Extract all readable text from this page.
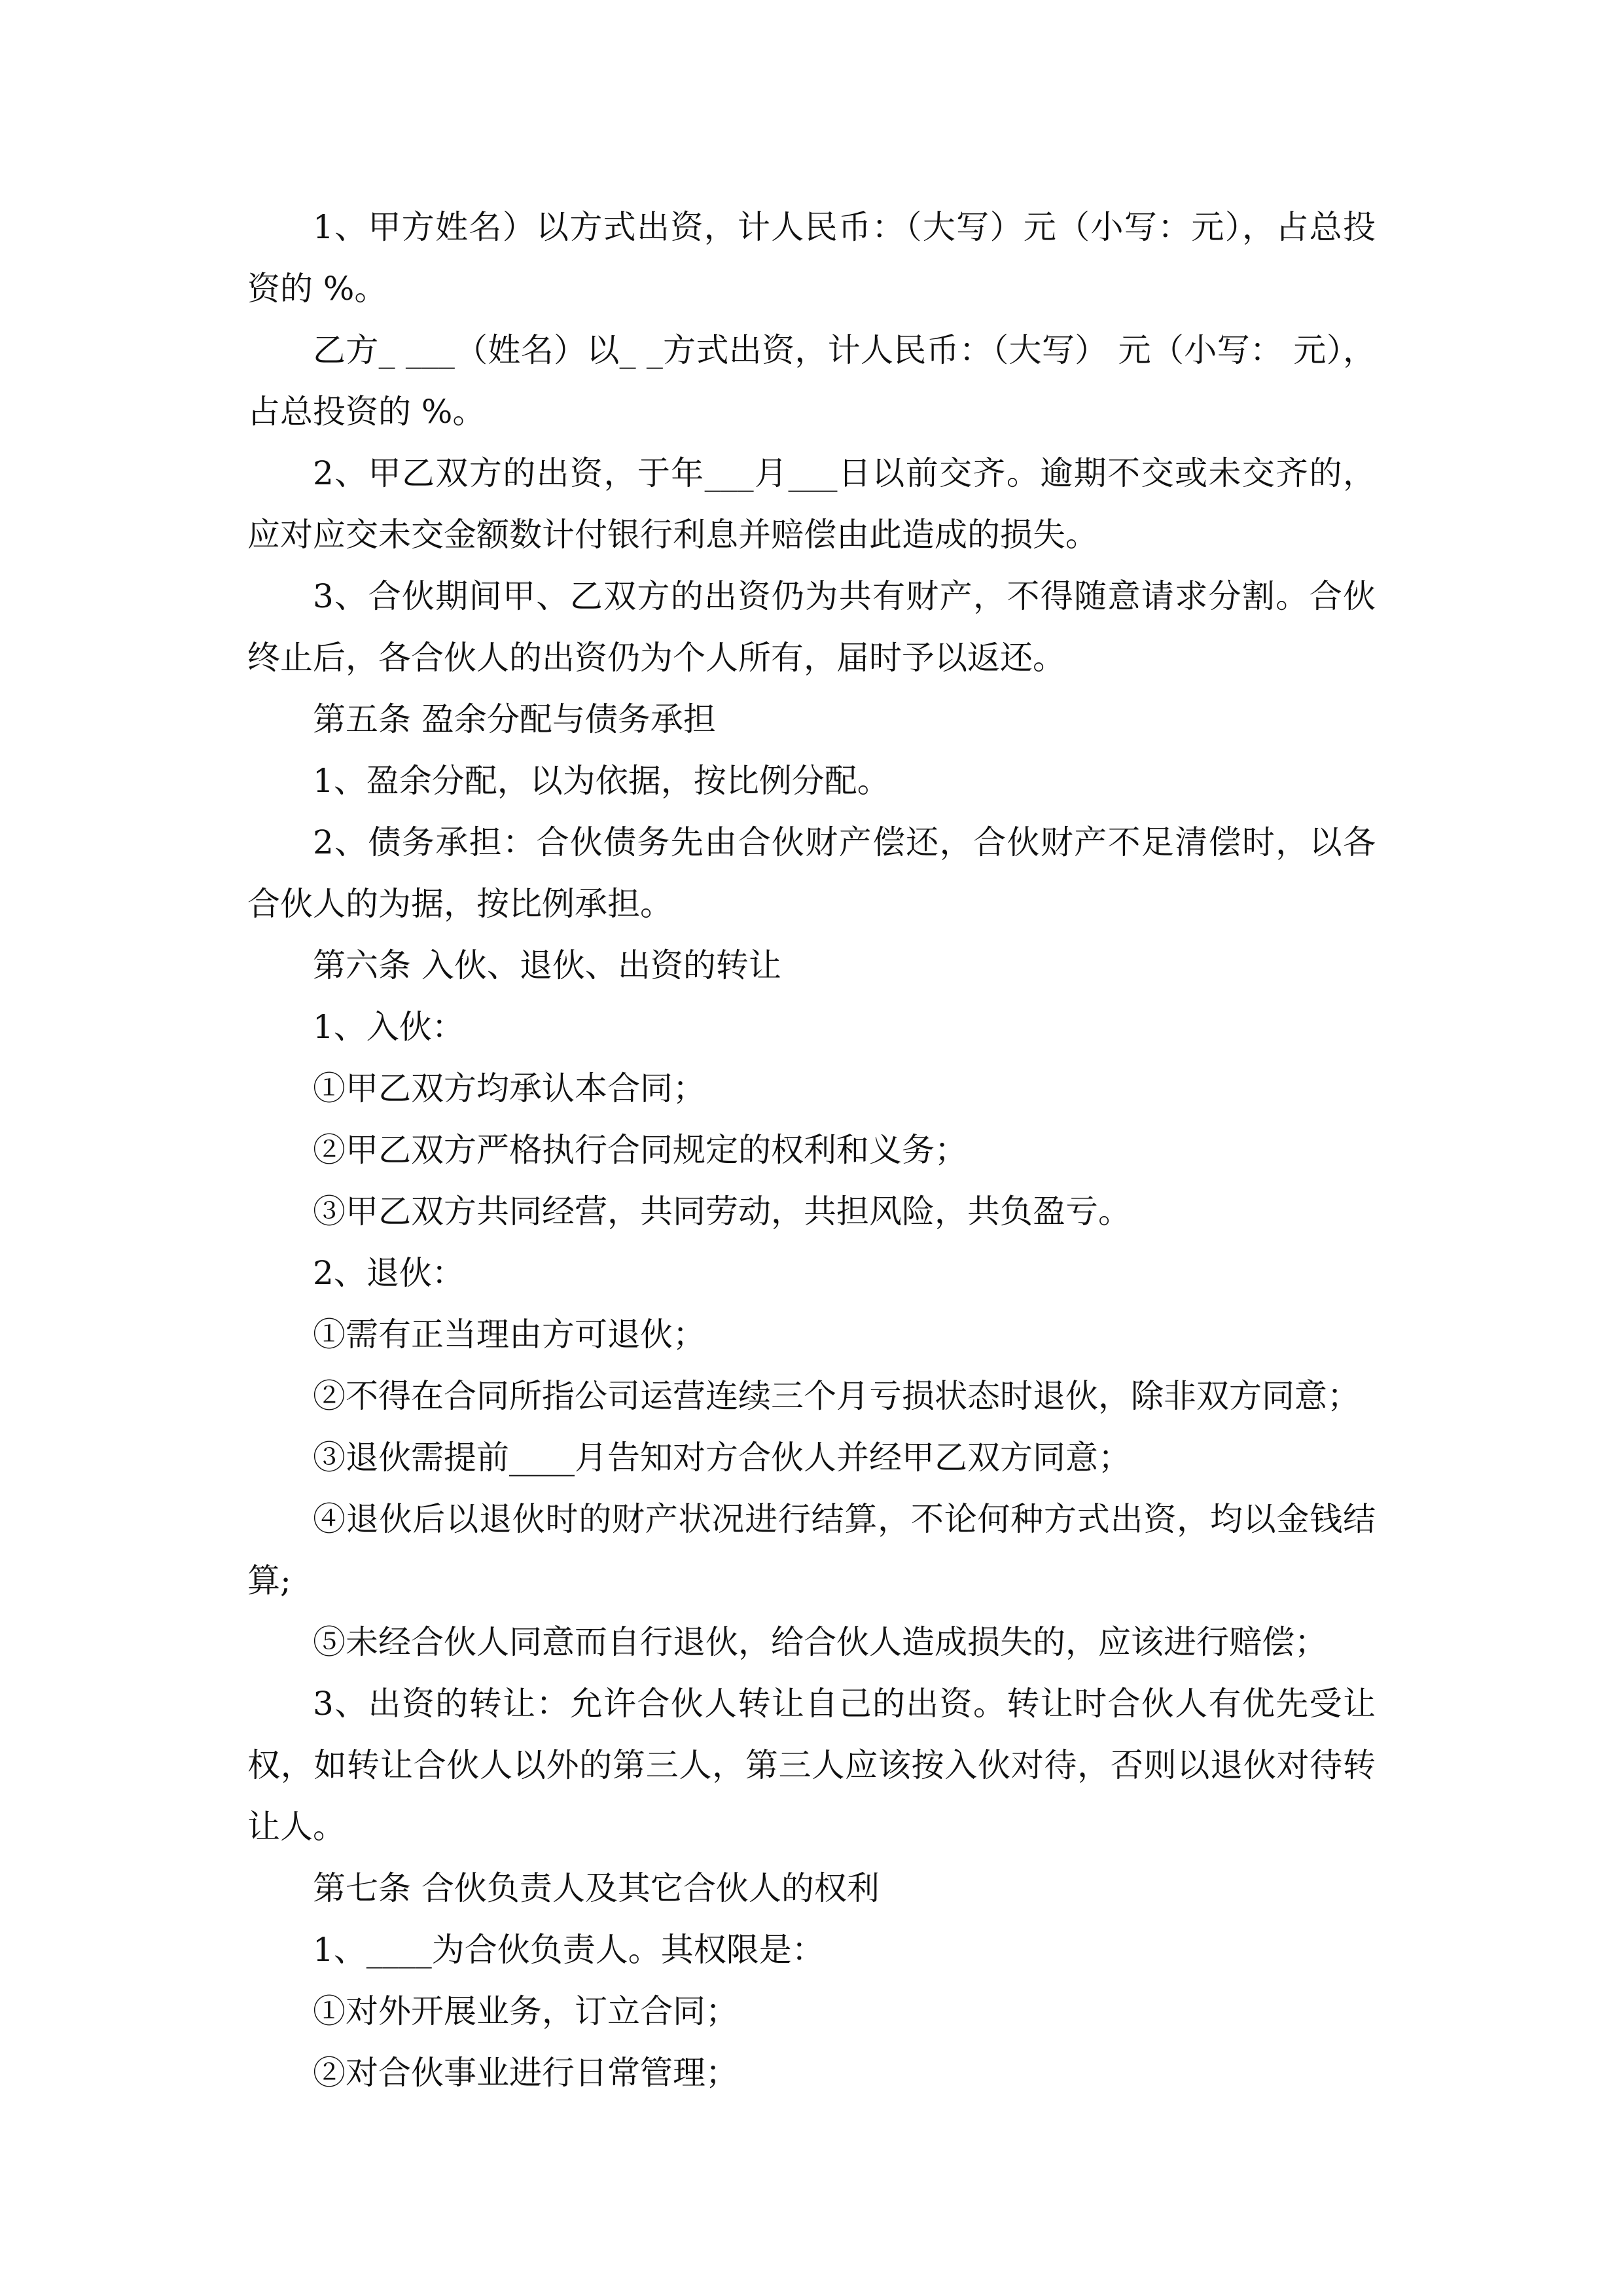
1、甲方姓名）以方式出资，计人民币：（大写）元（小写：元），占总投资的 %。

乙方_ ___（姓名）以_ _方式出资，计人民币：（大写） 元（小写： 元），占总投资的 %。

2、甲乙双方的出资，于年___月___日以前交齐。逾期不交或未交齐的，应对应交未交金额数计付银行利息并赔偿由此造成的损失。

3、合伙期间甲、乙双方的出资仍为共有财产，不得随意请求分割。合伙终止后，各合伙人的出资仍为个人所有，届时予以返还。

第五条 盈余分配与债务承担

1、盈余分配，以为依据，按比例分配。

2、债务承担：合伙债务先由合伙财产偿还，合伙财产不足清偿时，以各合伙人的为据，按比例承担。

第六条 入伙、退伙、出资的转让

1、入伙：

①甲乙双方均承认本合同；

②甲乙双方严格执行合同规定的权利和义务；

③甲乙双方共同经营，共同劳动，共担风险，共负盈亏。

2、退伙：

①需有正当理由方可退伙；

②不得在合同所指公司运营连续三个月亏损状态时退伙，除非双方同意；

③退伙需提前____月告知对方合伙人并经甲乙双方同意；

④退伙后以退伙时的财产状况进行结算，不论何种方式出资，均以金钱结算;

⑤未经合伙人同意而自行退伙，给合伙人造成损失的，应该进行赔偿；

3、出资的转让：允许合伙人转让自己的出资。转让时合伙人有优先受让权，如转让合伙人以外的第三人，第三人应该按入伙对待，否则以退伙对待转让人。

第七条 合伙负责人及其它合伙人的权利

1、____为合伙负责人。其权限是：

①对外开展业务，订立合同；

②对合伙事业进行日常管理；
